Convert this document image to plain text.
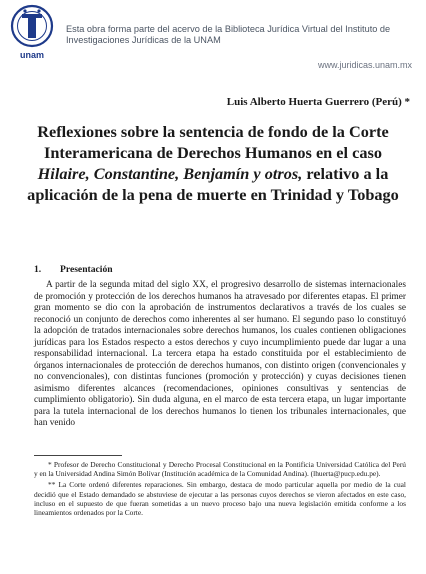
unam
Esta obra forma parte del acervo de la Biblioteca Jurídica Virtual del Instituto de Investigaciones Jurídicas de la UNAM
www.juridicas.unam.mx
Luis Alberto Huerta Guerrero (Perú) *
Reflexiones sobre la sentencia de fondo de la Corte Interamericana de Derechos Humanos en el caso Hilaire, Constantine, Benjamín y otros, relativo a la aplicación de la pena de muerte en Trinidad y Tobago
1. Presentación

A partir de la segunda mitad del siglo XX, el progresivo desarrollo de sistemas internacionales de promoción y protección de los derechos humanos ha atravesado por diferentes etapas. El primer gran momento se dio con la aprobación de instrumentos declarativos a través de los cuales se reconoció un conjunto de derechos como inherentes al ser humano. El segundo paso lo constituyó la adopción de tratados internacionales sobre derechos humanos, los cuales contienen obligaciones jurídicas para los Estados respecto a estos derechos y cuyo incumplimiento puede dar lugar a una responsabilidad internacional. La tercera etapa ha estado constituida por el establecimiento de órganos internacionales de protección de derechos humanos, con distinto origen (convencionales y no convencionales), con distintas funciones (promoción y protección) y cuyas decisiones tienen asimismo diferentes alcances (recomendaciones, opiniones consultivas y sentencias de cumplimiento obligatorio). Sin duda alguna, en el marco de esta tercera etapa, un lugar importante para la tutela internacional de los derechos humanos lo tienen los tribunales internacionales, que han venido

* Profesor de Derecho Constitucional y Derecho Procesal Constitucional en la Pontificia Universidad Católica del Perú y en la Universidad Andina Simón Bolívar (Institución académica de la Comunidad Andina). (lhuerta@pucp.edu.pe).

** La Corte ordenó diferentes reparaciones. Sin embargo, destaca de modo particular aquella por medio de la cual decidió que el Estado demandado se abstuviese de ejecutar a las personas cuyos derechos se vieron afectados en este caso, incluso en el supuesto de que fueran sometidas a un nuevo proceso bajo una nueva legislación emitida conforme a los lineamientos ordenados por la Corte.
